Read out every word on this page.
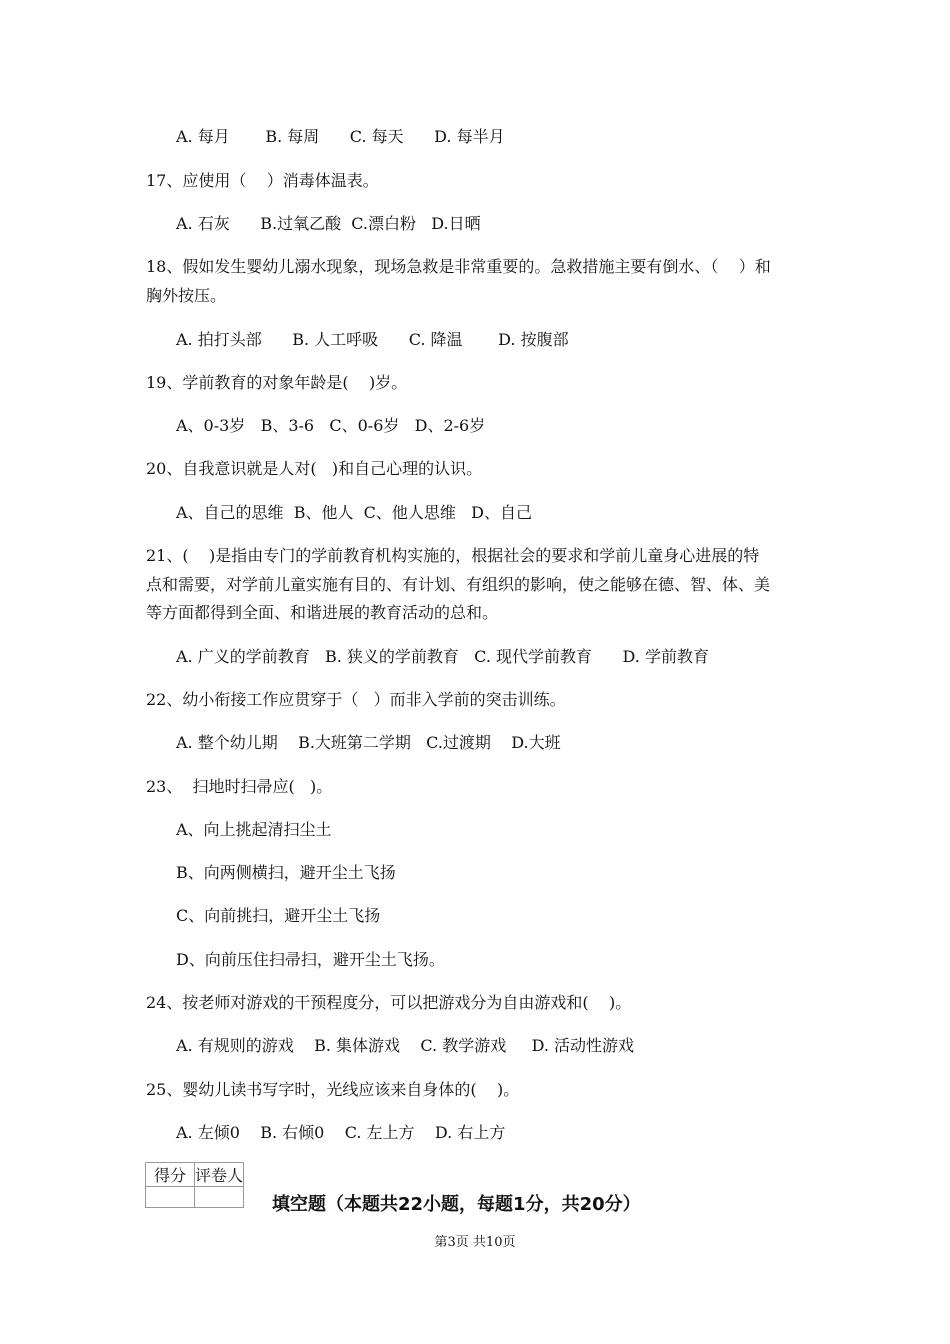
A. 每月       B. 每周      C. 每天      D. 每半月
17、应使用（    ）消毒体温表。
A. 石灰      B.过氧乙酸  C.漂白粉   D.日晒
18、假如发生婴幼儿溺水现象，现场急救是非常重要的。急救措施主要有倒水、（    ）和
胸外按压。
A. 拍打头部      B. 人工呼吸      C. 降温       D. 按腹部
19、学前教育的对象年龄是(    )岁。
A、0-3岁   B、3-6   C、0-6岁   D、2-6岁
20、自我意识就是人对(   )和自己心理的认识。
A、自己的思维  B、他人  C、他人思维   D、自己
21、(    )是指由专门的学前教育机构实施的，根据社会的要求和学前儿童身心进展的特
点和需要，对学前儿童实施有目的、有计划、有组织的影响，使之能够在德、智、体、美
等方面都得到全面、和谐进展的教育活动的总和。
A. 广义的学前教育   B. 狭义的学前教育   C. 现代学前教育      D. 学前教育
22、幼小衔接工作应贯穿于（   ）而非入学前的突击训练。
A. 整个幼儿期    B.大班第二学期   C.过渡期    D.大班
23、  扫地时扫帚应(   )。
A、向上挑起清扫尘土
B、向两侧横扫，避开尘土飞扬
C、向前挑扫，避开尘土飞扬
D、向前压住扫帚扫，避开尘土飞扬。
24、按老师对游戏的干预程度分，可以把游戏分为自由游戏和(    )。
A. 有规则的游戏    B. 集体游戏    C. 教学游戏     D. 活动性游戏
25、婴幼儿读书写字时，光线应该来自身体的(    )。
A. 左倾0    B. 右倾0    C. 左上方    D. 右上方
得分	评卷人

填空题（本题共22小题，每题1分，共20分）
第3页 共10页
